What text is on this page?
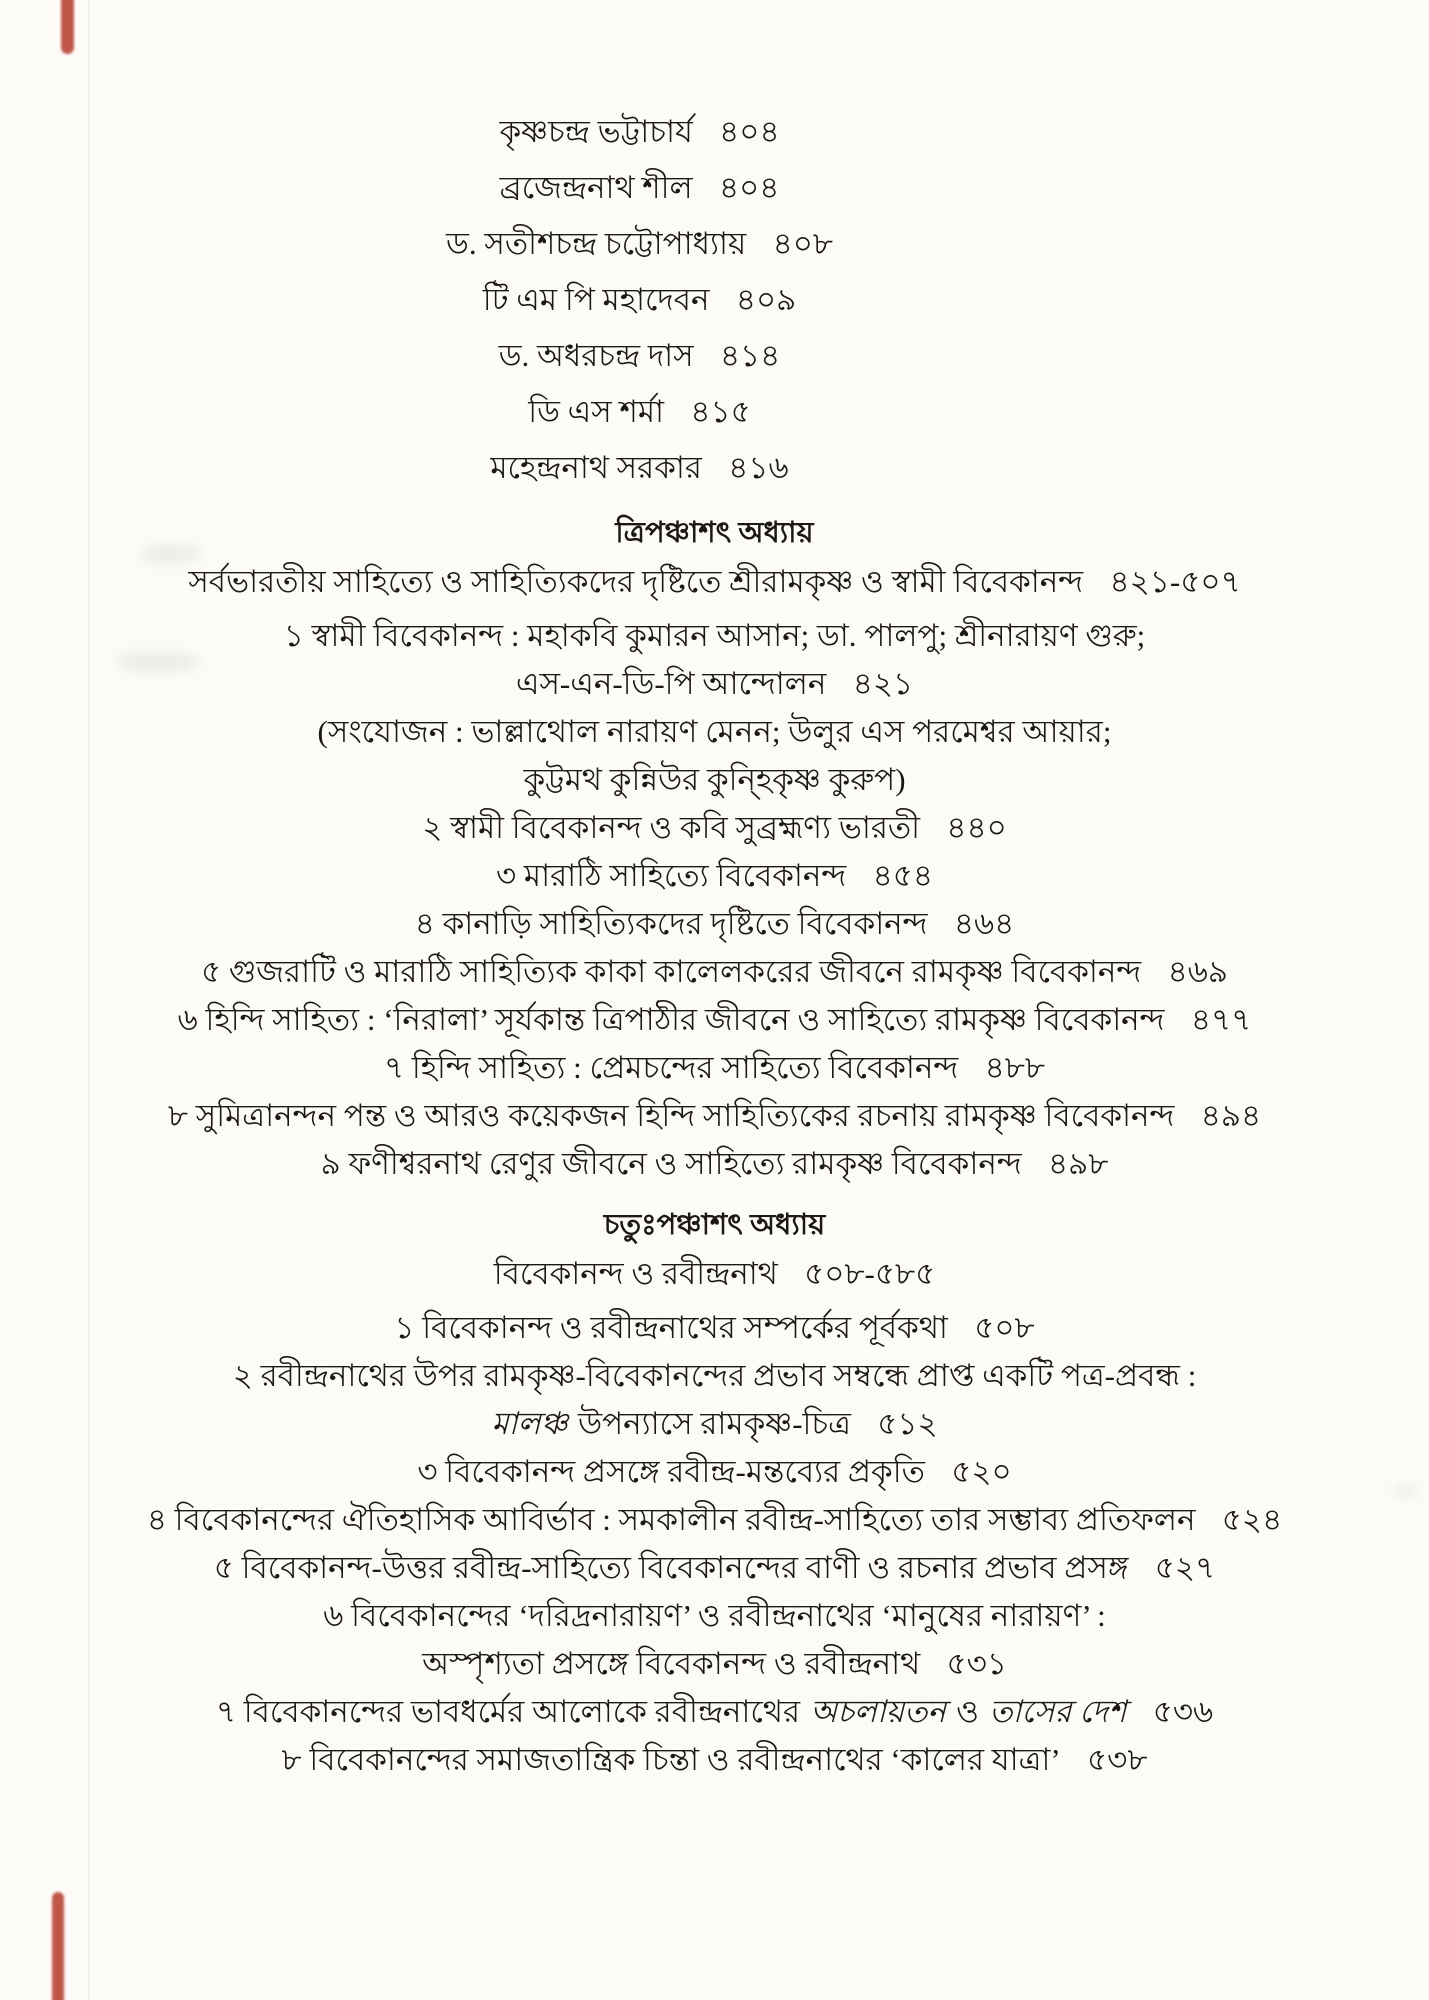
কৃষ্ণচন্দ্র ভট্টাচার্য ৪০৪
ব্রজেন্দ্রনাথ শীল ৪০৪
ড. সতীশচন্দ্র চট্টোপাধ্যায় ৪০৮
টি এম পি মহাদেবন ৪০৯
ড. অধরচন্দ্র দাস ৪১৪
ডি এস শর্মা ৪১৫
মহেন্দ্রনাথ সরকার ৪১৬
ত্রিপঞ্চাশৎ অধ্যায়
সর্বভারতীয় সাহিত্যে ও সাহিত্যিকদের দৃষ্টিতে শ্রীরামকৃষ্ণ ও স্বামী বিবেকানন্দ ৪২১-৫০৭
১ স্বামী বিবেকানন্দ : মহাকবি কুমারন আসান; ডা. পালপু; শ্রীনারায়ণ গুরু;
এস-এন-ডি-পি আন্দোলন ৪২১
(সংযোজন : ভাল্লাথোল নারায়ণ মেনন; উলুর এস পরমেশ্বর আয়ার;
কুট্টমথ কুন্নিউর কুন্হিকৃষ্ণ কুরুপ)
২ স্বামী বিবেকানন্দ ও কবি সুব্রহ্মণ্য ভারতী ৪৪০
৩ মারাঠি সাহিত্যে বিবেকানন্দ ৪৫৪
৪ কানাড়ি সাহিত্যিকদের দৃষ্টিতে বিবেকানন্দ ৪৬৪
৫ গুজরাটি ও মারাঠি সাহিত্যিক কাকা কালেলকরের জীবনে রামকৃষ্ণ বিবেকানন্দ ৪৬৯
৬ হিন্দি সাহিত্য : ‘নিরালা’ সূর্যকান্ত ত্রিপাঠীর জীবনে ও সাহিত্যে রামকৃষ্ণ বিবেকানন্দ ৪৭৭
৭ হিন্দি সাহিত্য : প্রেমচন্দের সাহিত্যে বিবেকানন্দ ৪৮৮
৮ সুমিত্রানন্দন পন্ত ও আরও কয়েকজন হিন্দি সাহিত্যিকের রচনায় রামকৃষ্ণ বিবেকানন্দ ৪৯৪
৯ ফণীশ্বরনাথ রেণুর জীবনে ও সাহিত্যে রামকৃষ্ণ বিবেকানন্দ ৪৯৮
চতুঃপঞ্চাশৎ অধ্যায়
বিবেকানন্দ ও রবীন্দ্রনাথ ৫০৮-৫৮৫
১ বিবেকানন্দ ও রবীন্দ্রনাথের সম্পর্কের পূর্বকথা ৫০৮
২ রবীন্দ্রনাথের উপর রামকৃষ্ণ-বিবেকানন্দের প্রভাব সম্বন্ধে প্রাপ্ত একটি পত্র-প্রবন্ধ :
মালঞ্চ উপন্যাসে রামকৃষ্ণ-চিত্র ৫১২
৩ বিবেকানন্দ প্রসঙ্গে রবীন্দ্র-মন্তব্যের প্রকৃতি ৫২০
৪ বিবেকানন্দের ঐতিহাসিক আবির্ভাব : সমকালীন রবীন্দ্র-সাহিত্যে তার সম্ভাব্য প্রতিফলন ৫২৪
৫ বিবেকানন্দ-উত্তর রবীন্দ্র-সাহিত্যে বিবেকানন্দের বাণী ও রচনার প্রভাব প্রসঙ্গ ৫২৭
৬ বিবেকানন্দের ‘দরিদ্রনারায়ণ’ ও রবীন্দ্রনাথের ‘মানুষের নারায়ণ’ :
অস্পৃশ্যতা প্রসঙ্গে বিবেকানন্দ ও রবীন্দ্রনাথ ৫৩১
৭ বিবেকানন্দের ভাবধর্মের আলোকে রবীন্দ্রনাথের অচলায়তন ও তাসের দেশ ৫৩৬
৮ বিবেকানন্দের সমাজতান্ত্রিক চিন্তা ও রবীন্দ্রনাথের ‘কালের যাত্রা’ ৫৩৮
